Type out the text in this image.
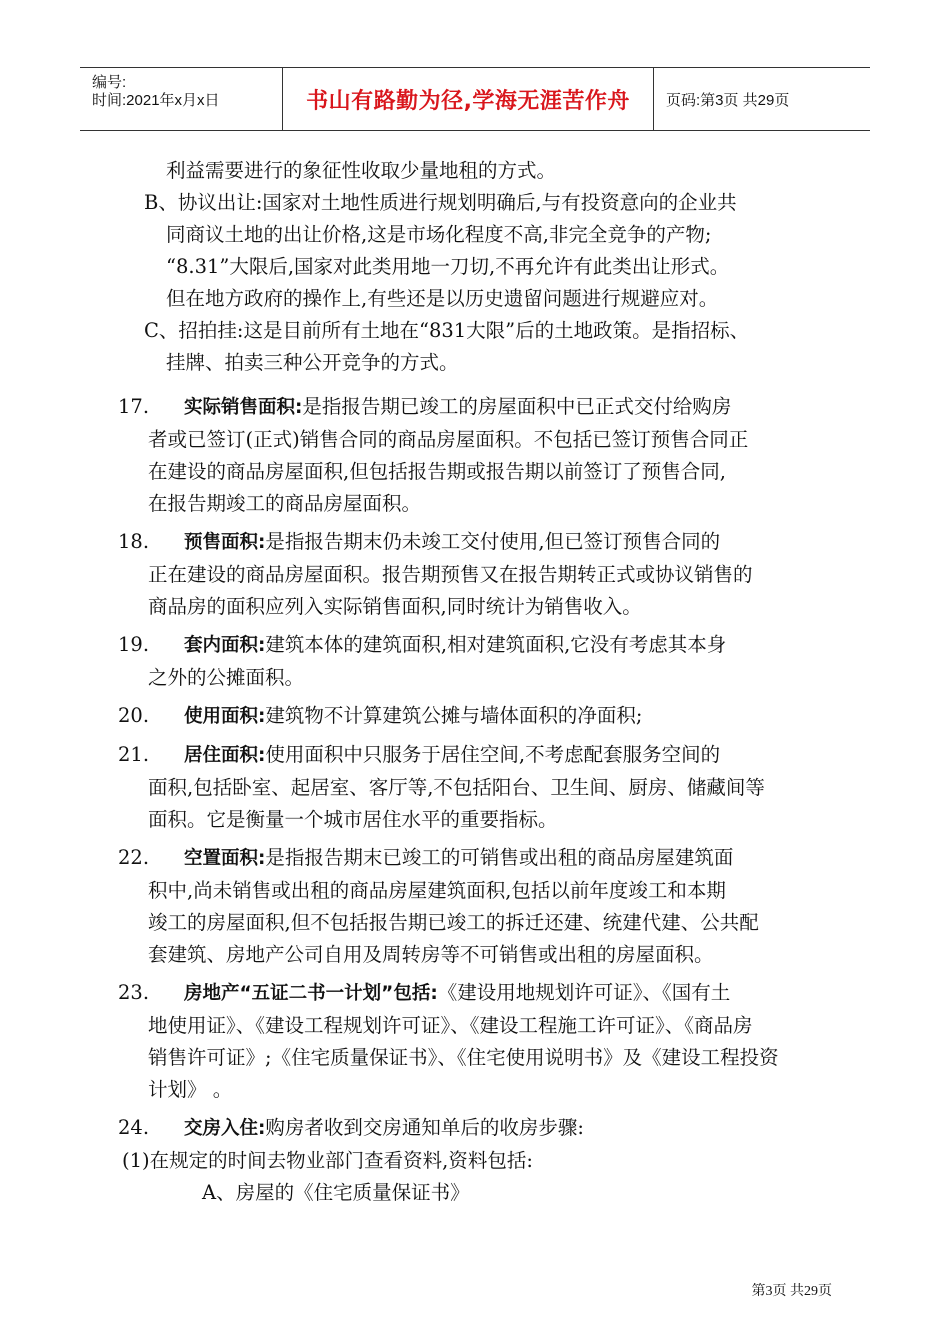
编号:
时间:2021年x月x日	书山有路勤为径,学海无涯苦作舟	页码:第3页 共29页
利益需要进行的象征性收取少量地租的方式。
B、协议出让:国家对土地性质进行规划明确后,与有投资意向的企业共
同商议土地的出让价格,这是市场化程度不高,非完全竞争的产物;
“8.31”大限后,国家对此类用地一刀切,不再允许有此类出让形式。
但在地方政府的操作上,有些还是以历史遗留问题进行规避应对。
C、招拍挂:这是目前所有土地在“831大限”后的土地政策。是指招标、
挂牌、拍卖三种公开竞争的方式。
17.	实际销售面积:是指报告期已竣工的房屋面积中已正式交付给购房
者或已签订(正式)销售合同的商品房屋面积。不包括已签订预售合同正
在建设的商品房屋面积,但包括报告期或报告期以前签订了预售合同,
在报告期竣工的商品房屋面积。
18.	预售面积:是指报告期末仍未竣工交付使用,但已签订预售合同的
正在建设的商品房屋面积。报告期预售又在报告期转正式或协议销售的
商品房的面积应列入实际销售面积,同时统计为销售收入。
19.	套内面积:建筑本体的建筑面积,相对建筑面积,它没有考虑其本身
之外的公摊面积。
20.	使用面积:建筑物不计算建筑公摊与墙体面积的净面积;
21.	居住面积:使用面积中只服务于居住空间,不考虑配套服务空间的
面积,包括卧室、起居室、客厅等,不包括阳台、卫生间、厨房、储藏间等
面积。它是衡量一个城市居住水平的重要指标。
22.	空置面积:是指报告期末已竣工的可销售或出租的商品房屋建筑面
积中,尚未销售或出租的商品房屋建筑面积,包括以前年度竣工和本期
竣工的房屋面积,但不包括报告期已竣工的拆迁还建、统建代建、公共配
套建筑、房地产公司自用及周转房等不可销售或出租的房屋面积。
23.	房地产“五证二书一计划”包括:《建设用地规划许可证》、《国有土
地使用证》、《建设工程规划许可证》、《建设工程施工许可证》、《商品房
销售许可证》;《住宅质量保证书》、《住宅使用说明书》及《建设工程投资
计划》 。
24.	交房入住:购房者收到交房通知单后的收房步骤:
(1)在规定的时间去物业部门查看资料,资料包括:
A、房屋的《住宅质量保证书》
第3页 共29页
